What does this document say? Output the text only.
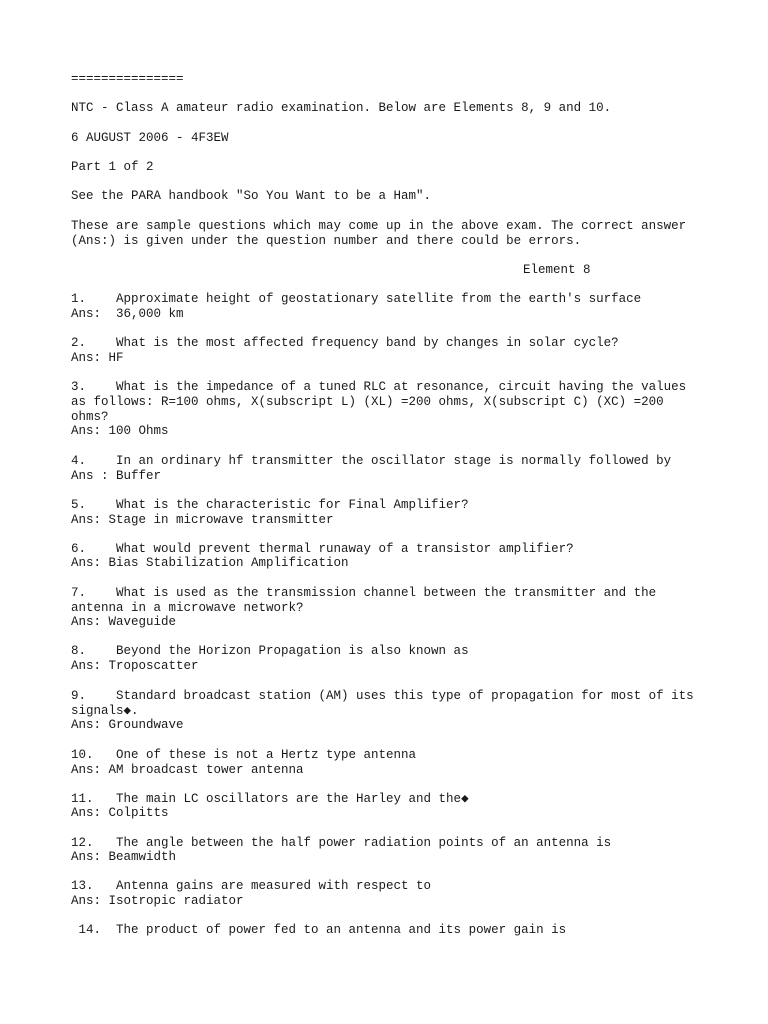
===============

NTC - Class A amateur radio examination. Below are Elements 8, 9 and 10.

6 AUGUST 2006 - 4F3EW

Part 1 of 2

See the PARA handbook "So You Want to be a Ham".

These are sample questions which may come up in the above exam. The correct answer

(Ans:) is given under the question number and there could be errors.

Element 8

1.    Approximate height of geostationary satellite from the earth's surface

Ans:  36,000 km

2.    What is the most affected frequency band by changes in solar cycle?

Ans: HF

3.    What is the impedance of a tuned RLC at resonance, circuit having the values

as follows: R=100 ohms, X(subscript L) (XL) =200 ohms, X(subscript C) (XC) =200

ohms?

Ans: 100 Ohms

4.    In an ordinary hf transmitter the oscillator stage is normally followed by

Ans : Buffer

5.    What is the characteristic for Final Amplifier?

Ans: Stage in microwave transmitter

6.    What would prevent thermal runaway of a transistor amplifier?

Ans: Bias Stabilization Amplification

7.    What is used as the transmission channel between the transmitter and the

antenna in a microwave network?

Ans: Waveguide

8.    Beyond the Horizon Propagation is also known as

Ans: Troposcatter

9.    Standard broadcast station (AM) uses this type of propagation for most of its

signals◆.

Ans: Groundwave

10.   One of these is not a Hertz type antenna

Ans: AM broadcast tower antenna

11.   The main LC oscillators are the Harley and the◆

Ans: Colpitts

12.   The angle between the half power radiation points of an antenna is

Ans: Beamwidth

13.   Antenna gains are measured with respect to

Ans: Isotropic radiator

14.  The product of power fed to an antenna and its power gain is
